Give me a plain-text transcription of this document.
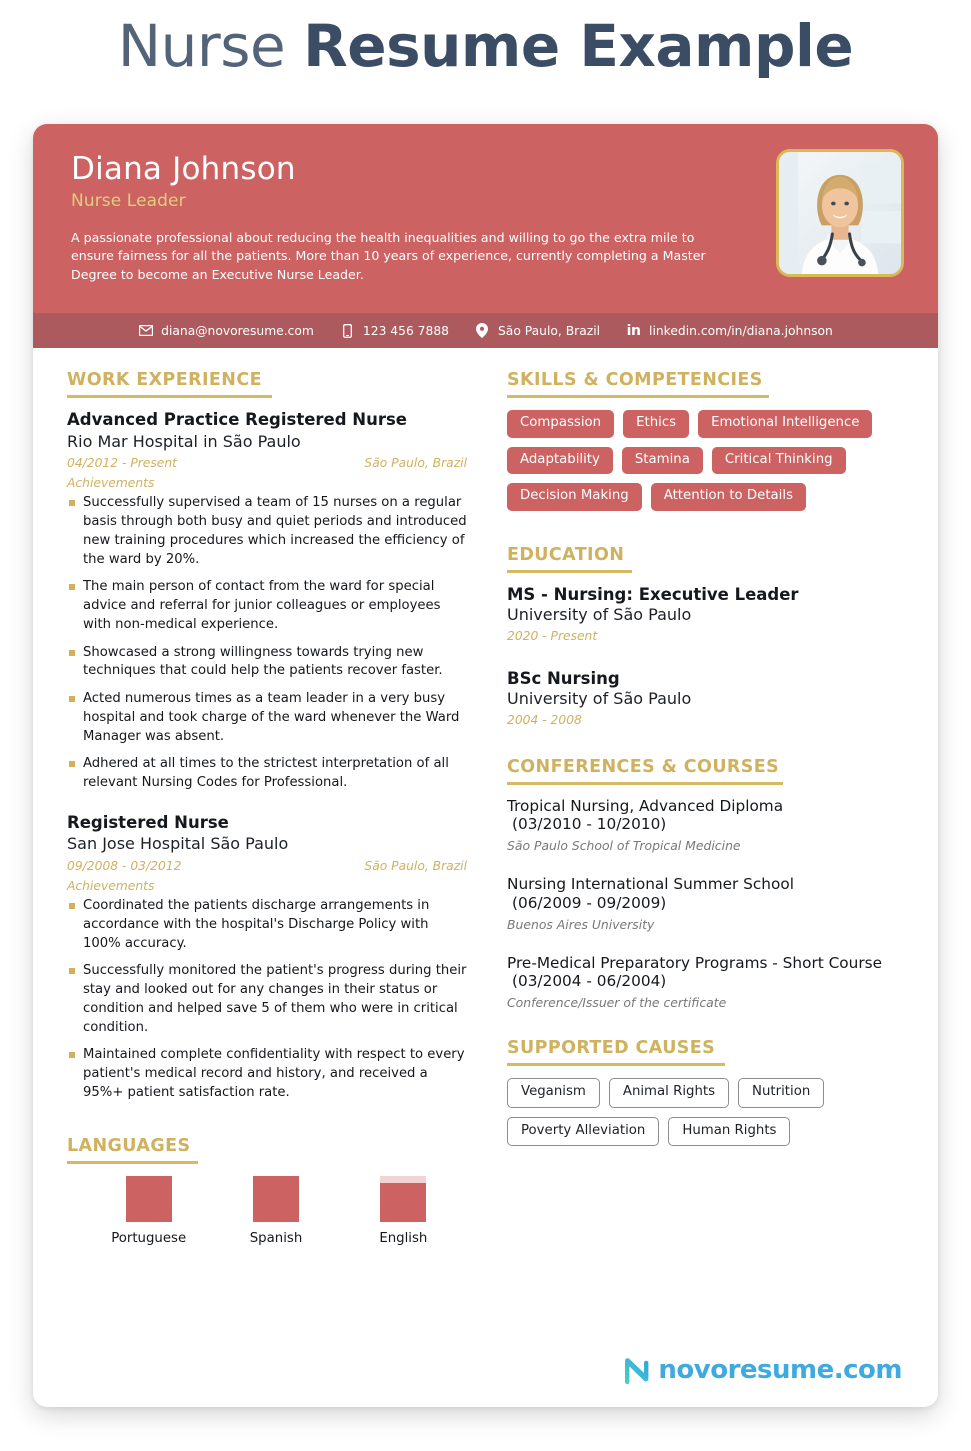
Nurse Resume Example
Diana Johnson
Nurse Leader
A passionate professional about reducing the health inequalities and willing to go the extra mile to ensure fairness for all the patients. More than 10 years of experience, currently completing a Master Degree to become an Executive Nurse Leader.
diana@novoresume.com	123 456 7888	São Paulo, Brazil in linkedin.com/in/diana.johnson
WORK EXPERIENCE
Advanced Practice Registered Nurse
Rio Mar Hospital in São Paulo
04/2012 - Present	São Paulo, Brazil
Achievements
Successfully supervised a team of 15 nurses on a regular basis through both busy and quiet periods and introduced new training procedures which increased the efficiency of the ward by 20%.
The main person of contact from the ward for special advice and referral for junior colleagues or employees with non-medical experience.
Showcased a strong willingness towards trying new techniques that could help the patients recover faster.
Acted numerous times as a team leader in a very busy hospital and took charge of the ward whenever the Ward Manager was absent.
Adhered at all times to the strictest interpretation of all relevant Nursing Codes for Professional.
Registered Nurse
San Jose Hospital São Paulo
09/2008 - 03/2012	São Paulo, Brazil
Achievements
Coordinated the patients discharge arrangements in accordance with the hospital's Discharge Policy with 100% accuracy.
Successfully monitored the patient's progress during their stay and looked out for any changes in their status or condition and helped save 5 of them who were in critical condition.
Maintained complete confidentiality with respect to every patient's medical record and history, and received a 95%+ patient satisfaction rate.
LANGUAGES
Portuguese	Spanish	English
SKILLS & COMPETENCIES
Compassion	Ethics	Emotional Intelligence
Adaptability	Stamina	Critical Thinking
Decision Making	Attention to Details
EDUCATION
MS - Nursing: Executive Leader
University of São Paulo
2020 - Present
BSc Nursing
University of São Paulo
2004 - 2008
CONFERENCES & COURSES
Tropical Nursing, Advanced Diploma
(03/2010 - 10/2010)
São Paulo School of Tropical Medicine
Nursing International Summer School
(06/2009 - 09/2009)
Buenos Aires University
Pre-Medical Preparatory Programs - Short Course
(03/2004 - 06/2004)
Conference/Issuer of the certificate
SUPPORTED CAUSES
Veganism	Animal Rights	Nutrition
Poverty Alleviation	Human Rights
novoresume.com
